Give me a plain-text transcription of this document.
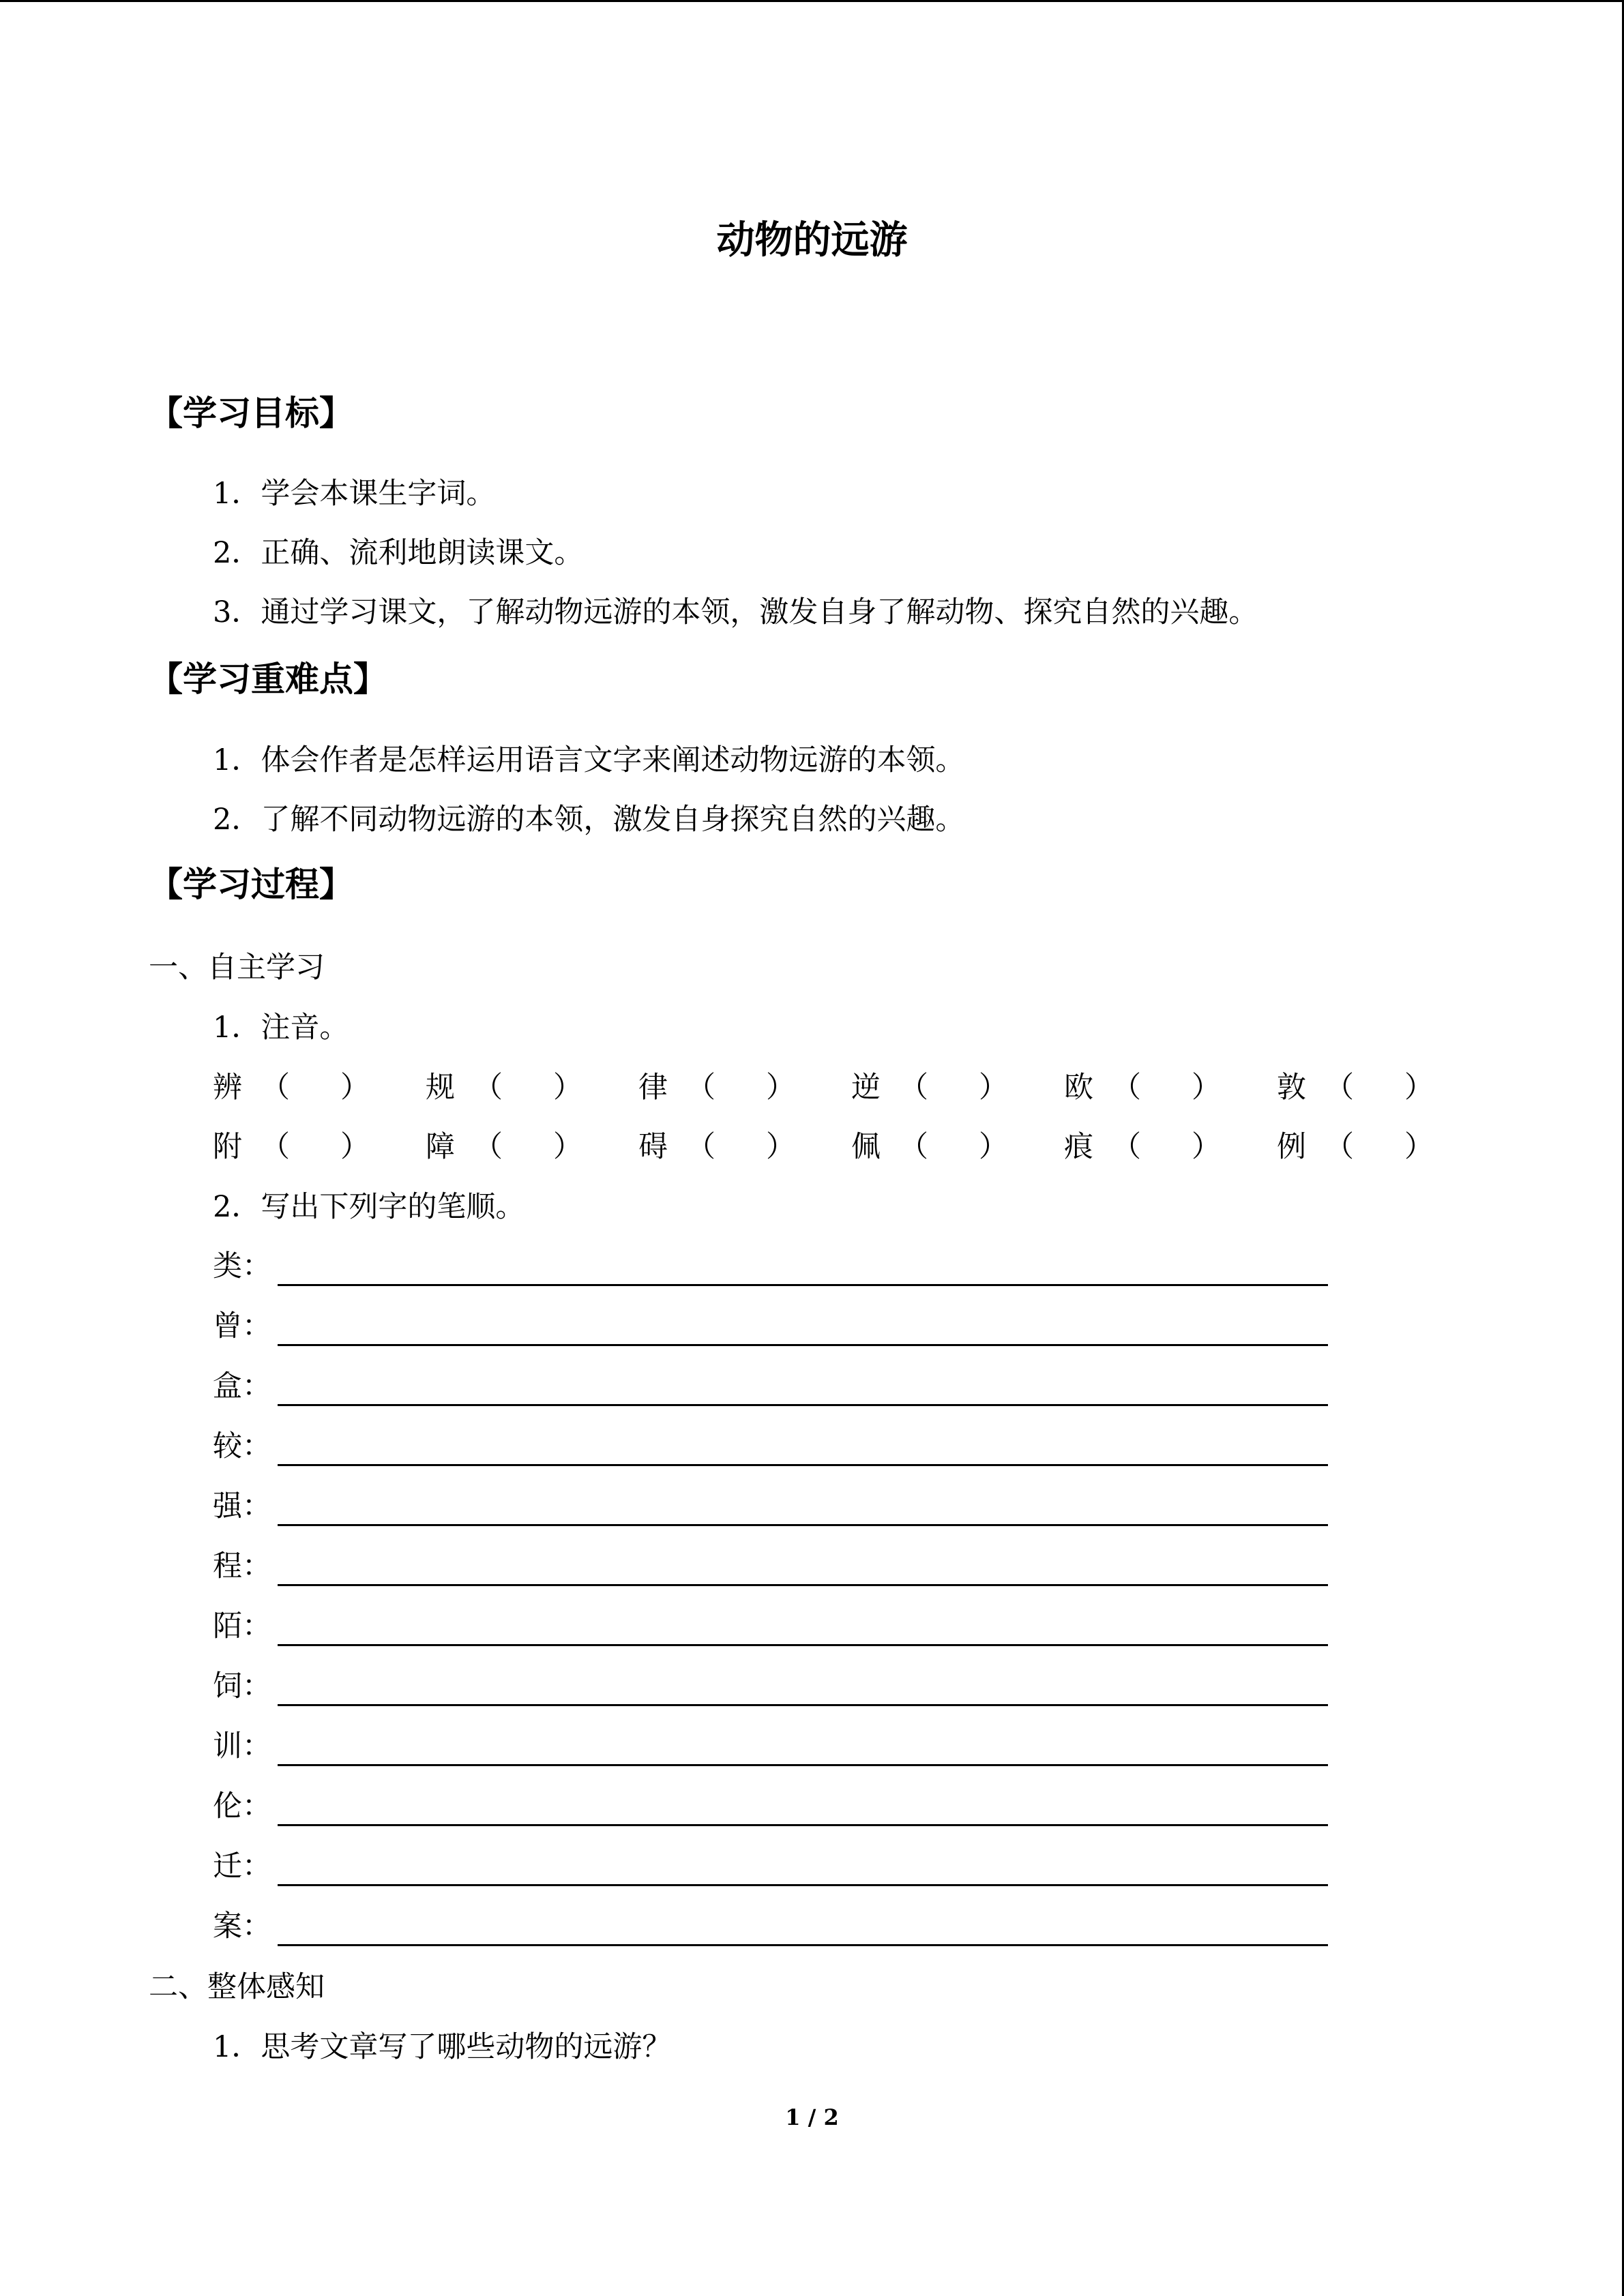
动物的远游
【学习目标】
1．学会本课生字词。
2．正确、流利地朗读课文。
3．通过学习课文，了解动物远游的本领，激发自身了解动物、探究自然的兴趣。
【学习重难点】
1．体会作者是怎样运用语言文字来阐述动物远游的本领。
2．了解不同动物远游的本领，激发自身探究自然的兴趣。
【学习过程】
一、自主学习
1．注音。
辨 （ ） 规 （ ） 律 （ ） 逆 （ ） 欧 （ ） 敦 （ ）
附 （ ） 障 （ ） 碍 （ ） 佩 （ ） 痕 （ ） 例 （ ）
2．写出下列字的笔顺。
类：
曾：
盒：
较：
强：
程：
陌：
饲：
训：
伦：
迁：
案：
二、整体感知
1．思考文章写了哪些动物的远游？
1 / 2
